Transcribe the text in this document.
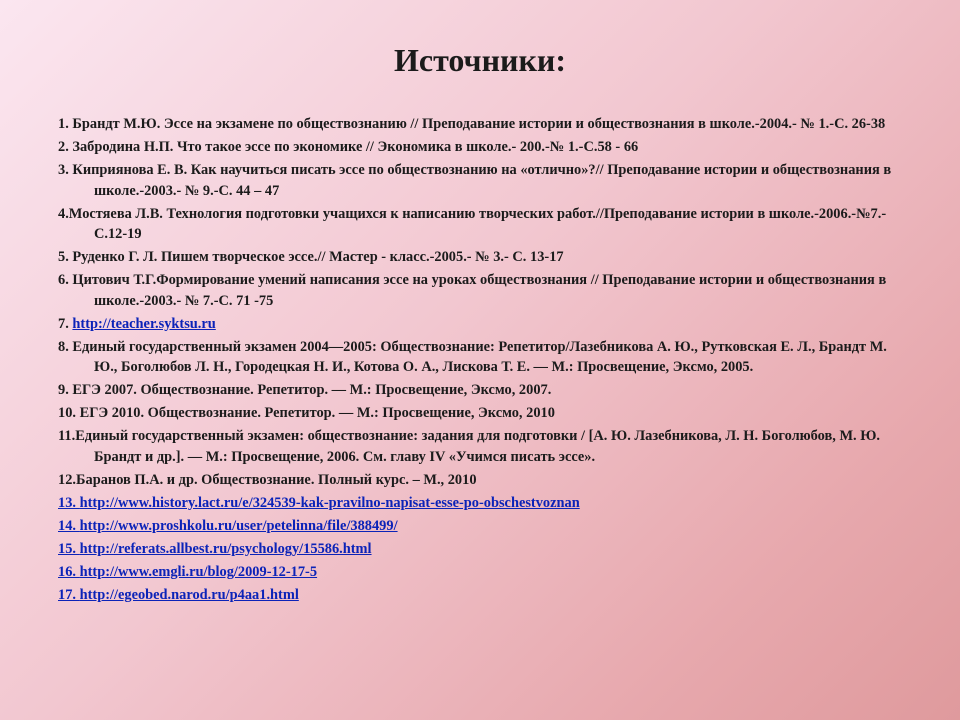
Источники:
1. Брандт М.Ю. Эссе на экзамене по обществознанию // Преподавание истории и обществознания в школе.-2004.- № 1.-С. 26-38
2. Забродина Н.П. Что такое эссе по экономике // Экономика в школе.- 200.-№ 1.-С.58 - 66
3. Киприянова Е. В. Как научиться писать эссе по обществознанию на «отлично»?// Преподавание истории и обществознания в школе.-2003.- № 9.-С. 44 – 47
4.Мостяева Л.В. Технология подготовки учащихся к написанию творческих работ.//Преподавание истории в школе.-2006.-№7.-С.12-19
5. Руденко Г. Л. Пишем творческое эссе.// Мастер - класс.-2005.- № 3.- С. 13-17
6. Цитович Т.Г.Формирование умений написания эссе на уроках обществознания // Преподавание истории и обществознания в школе.-2003.- № 7.-С. 71 -75
7. http://teacher.syktsu.ru
8. Единый государственный экзамен 2004—2005: Обществознание: Репетитор/Лазебникова А. Ю., Рутковская Е. Л., Брандт М. Ю., Боголюбов Л. Н., Городецкая Н. И., Котова О. А., Лискова Т. Е. — М.: Просвещение, Эксмо, 2005.
9. ЕГЭ 2007. Обществознание. Репетитор. — М.: Просвещение, Эксмо, 2007.
10. ЕГЭ 2010. Обществознание. Репетитор. — М.: Просвещение, Эксмо, 2010
11.Единый государственный экзамен: обществознание: задания для подготовки / [А. Ю. Лазебникова, Л. Н. Боголюбов, М. Ю. Брандт и др.]. — М.: Просвещение, 2006. См. главу IV «Учимся писать эссе».
12.Баранов П.А. и др. Обществознание. Полный курс. – М., 2010
13. http://www.history.lact.ru/e/324539-kak-pravilno-napisat-esse-po-obschestvoznan
14. http://www.proshkolu.ru/user/petelinna/file/388499/
15. http://referats.allbest.ru/psychology/15586.html
16. http://www.emgli.ru/blog/2009-12-17-5
17. http://egeobed.narod.ru/p4aa1.html
